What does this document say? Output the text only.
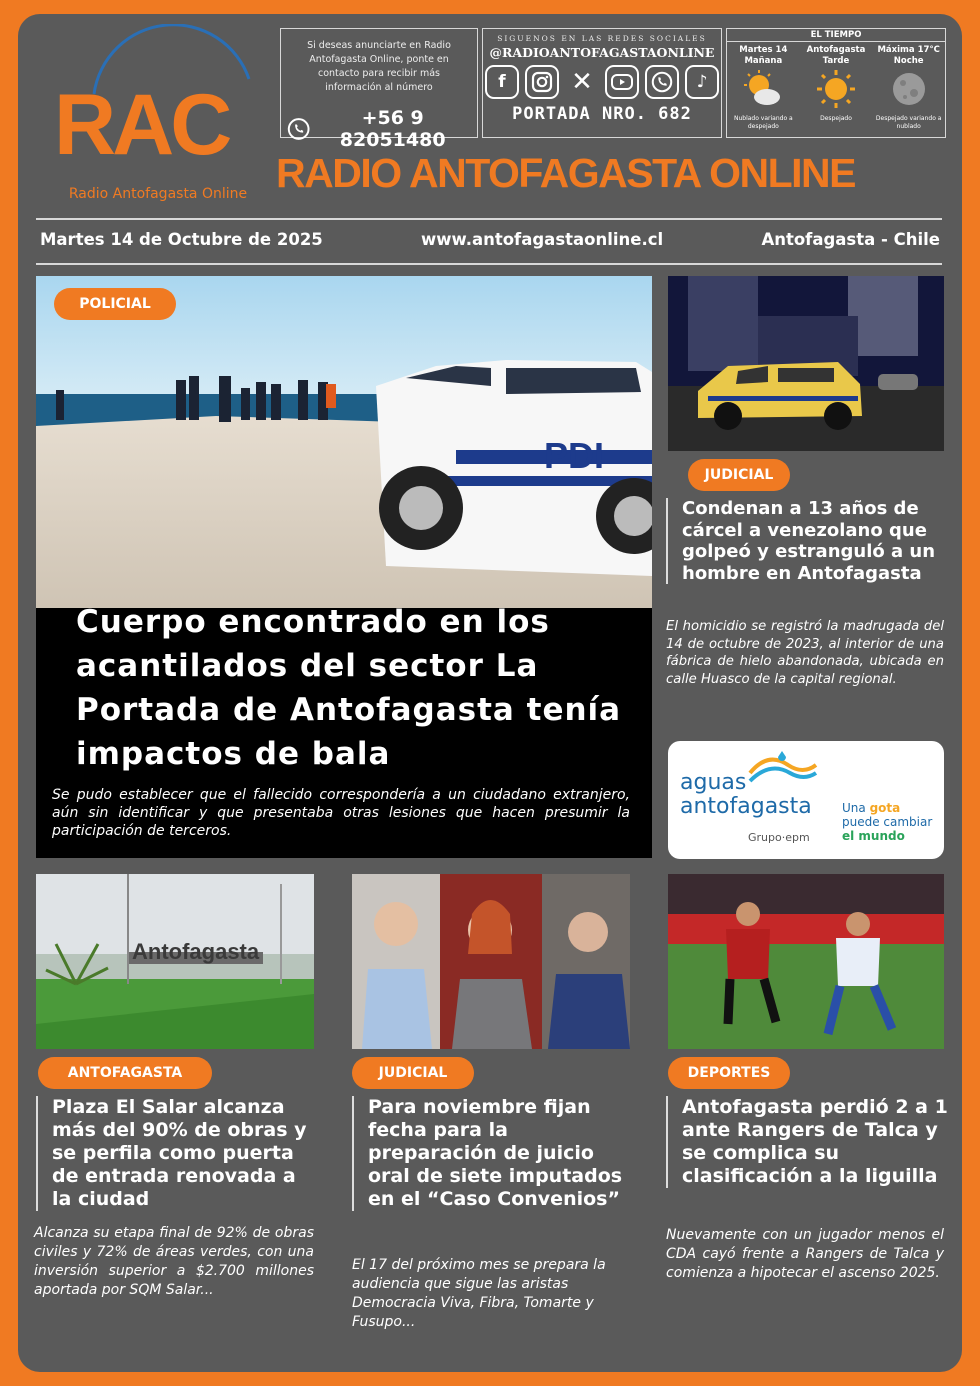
RAC
Radio Antofagasta Online
Si deseas anunciarte en Radio Antofagasta Online, ponte en contacto para recibir más información al número
+56 9 82051480
SIGUENOS EN LAS REDES SOCIALES
@RADIOANTOFAGASTAONLINE
f	✕	♪
PORTADA NRO. 682
EL TIEMPO
Martes 14 Mañana
Nublado variando a despejado
Antofagasta Tarde
Despejado
Máxima 17°C Noche
Despejado variando a nublado
RADIO ANTOFAGASTA ONLINE
Martes 14 de Octubre de 2025	www.antofagastaonline.cl	Antofagasta - Chile
PDI
POLICIAL
Cuerpo encontrado en los acantilados del sector La Portada de Antofagasta tenía impactos de bala
Se pudo establecer que el fallecido correspondería a un ciudadano extranjero, aún sin identificar y que presentaba otras lesiones que hacen presumir la participación de terceros.
JUDICIAL
Condenan a 13 años de cárcel a venezolano que golpeó y estranguló a un hombre en Antofagasta
El homicidio se registró la madrugada del 14 de octubre de 2023, al interior de una fábrica de hielo abandonada, ubicada en calle Huasco de la capital regional.
aguas
antofagasta
Grupo·epm
Una gota
puede cambiar
el mundo
Antofagasta
ANTOFAGASTA
Plaza El Salar alcanza más del 90% de obras y se perfila como puerta de entrada renovada a la ciudad
Alcanza su etapa final de 92% de obras civiles y 72% de áreas verdes, con una inversión superior a $2.700 millones aportada por SQM Salar...
JUDICIAL
Para noviembre fijan fecha para la preparación de juicio oral de siete imputados en el “Caso Convenios”
El 17 del próximo mes se prepara la audiencia que sigue las aristas Democracia Viva, Fibra, Tomarte y Fusupo...
DEPORTES
Antofagasta perdió 2 a 1 ante Rangers de Talca y se complica su clasificación a la liguilla
Nuevamente con un jugador menos el CDA cayó frente a Rangers de Talca y comienza a hipotecar el ascenso 2025.
